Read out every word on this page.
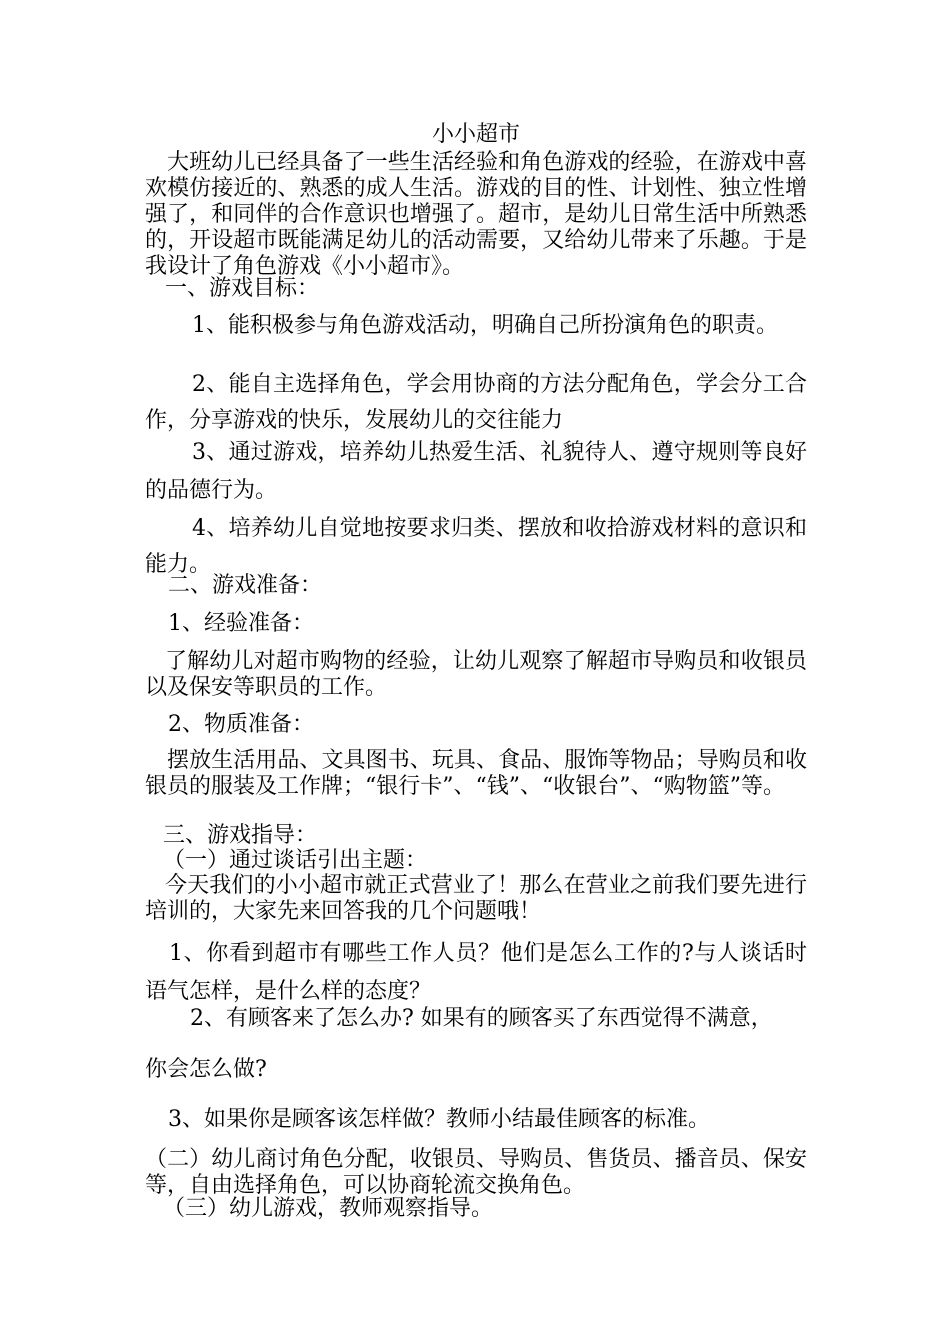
小小超市

大班幼儿已经具备了一些生活经验和角色游戏的经验，在游戏中喜欢模仿接近的、熟悉的成人生活。游戏的目的性、计划性、独立性增强了，和同伴的合作意识也增强了。超市，是幼儿日常生活中所熟悉的，开设超市既能满足幼儿的活动需要，又给幼儿带来了乐趣。于是我设计了角色游戏《小小超市》。

一、游戏目标：

1、能积极参与角色游戏活动，明确自己所扮演角色的职责。

2、能自主选择角色，学会用协商的方法分配角色，学会分工合作，分享游戏的快乐，发展幼儿的交往能力

3、通过游戏，培养幼儿热爱生活、礼貌待人、遵守规则等良好的品德行为。

4、培养幼儿自觉地按要求归类、摆放和收拾游戏材料的意识和能力。

二、游戏准备：

1、经验准备：

了解幼儿对超市购物的经验，让幼儿观察了解超市导购员和收银员以及保安等职员的工作。

2、物质准备：

摆放生活用品、文具图书、玩具、食品、服饰等物品；导购员和收银员的服装及工作牌；“银行卡”、“钱”、“收银台”、“购物篮”等。

三、游戏指导：

（一）通过谈话引出主题：

今天我们的小小超市就正式营业了！那么在营业之前我们要先进行培训的，大家先来回答我的几个问题哦！

1、你看到超市有哪些工作人员？他们是怎么工作的?与人谈话时语气怎样，是什么样的态度？

2、有顾客来了怎么办? 如果有的顾客买了东西觉得不满意，

你会怎么做?

3、如果你是顾客该怎样做？教师小结最佳顾客的标准。

（二）幼儿商讨角色分配，收银员、导购员、售货员、播音员、保安等，自由选择角色，可以协商轮流交换角色。

（三）幼儿游戏，教师观察指导。
